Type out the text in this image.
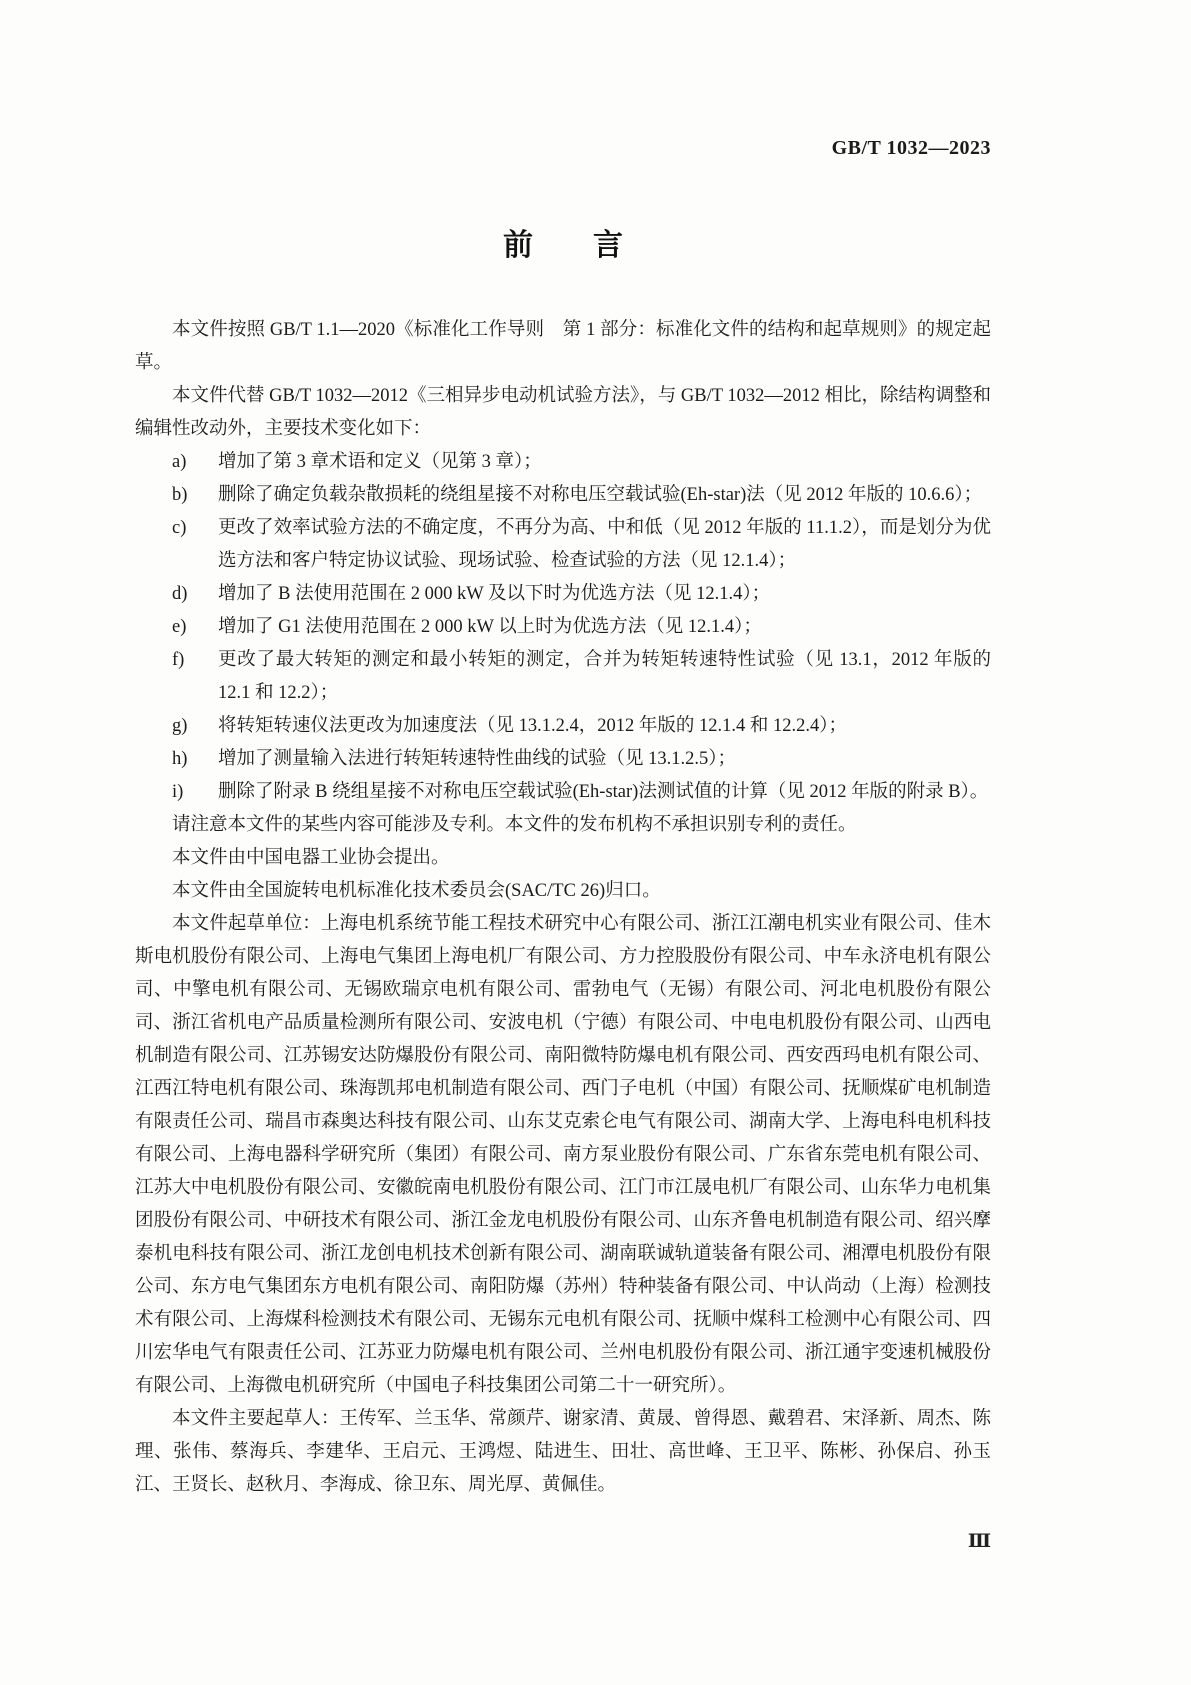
GB/T 1032—2023
前言

本文件按照 GB/T 1.1—2020《标准化工作导则　第 1 部分：标准化文件的结构和起草规则》的规定起草。

本文件代替 GB/T 1032—2012《三相异步电动机试验方法》，与 GB/T 1032—2012 相比，除结构调整和编辑性改动外，主要技术变化如下：

a)	增加了第 3 章术语和定义（见第 3 章）；
b)	删除了确定负载杂散损耗的绕组星接不对称电压空载试验(Eh-star)法（见 2012 年版的 10.6.6）；
c)	更改了效率试验方法的不确定度，不再分为高、中和低（见 2012 年版的 11.1.2），而是划分为优选方法和客户特定协议试验、现场试验、检查试验的方法（见 12.1.4）；
d)	增加了 B 法使用范围在 2 000 kW 及以下时为优选方法（见 12.1.4）；
e)	增加了 G1 法使用范围在 2 000 kW 以上时为优选方法（见 12.1.4）；
f)	更改了最大转矩的测定和最小转矩的测定，合并为转矩转速特性试验（见 13.1，2012 年版的 12.1 和 12.2）；
g)	将转矩转速仪法更改为加速度法（见 13.1.2.4，2012 年版的 12.1.4 和 12.2.4）；
h)	增加了测量输入法进行转矩转速特性曲线的试验（见 13.1.2.5）；
i)	删除了附录 B 绕组星接不对称电压空载试验(Eh-star)法测试值的计算（见 2012 年版的附录 B）。

请注意本文件的某些内容可能涉及专利。本文件的发布机构不承担识别专利的责任。

本文件由中国电器工业协会提出。

本文件由全国旋转电机标准化技术委员会(SAC/TC 26)归口。

本文件起草单位：上海电机系统节能工程技术研究中心有限公司、浙江江潮电机实业有限公司、佳木斯电机股份有限公司、上海电气集团上海电机厂有限公司、方力控股股份有限公司、中车永济电机有限公司、中擎电机有限公司、无锡欧瑞京电机有限公司、雷勃电气（无锡）有限公司、河北电机股份有限公司、浙江省机电产品质量检测所有限公司、安波电机（宁德）有限公司、中电电机股份有限公司、山西电机制造有限公司、江苏锡安达防爆股份有限公司、南阳微特防爆电机有限公司、西安西玛电机有限公司、江西江特电机有限公司、珠海凯邦电机制造有限公司、西门子电机（中国）有限公司、抚顺煤矿电机制造有限责任公司、瑞昌市森奥达科技有限公司、山东艾克索仑电气有限公司、湖南大学、上海电科电机科技有限公司、上海电器科学研究所（集团）有限公司、南方泵业股份有限公司、广东省东莞电机有限公司、江苏大中电机股份有限公司、安徽皖南电机股份有限公司、江门市江晟电机厂有限公司、山东华力电机集团股份有限公司、中研技术有限公司、浙江金龙电机股份有限公司、山东齐鲁电机制造有限公司、绍兴摩泰机电科技有限公司、浙江龙创电机技术创新有限公司、湖南联诚轨道装备有限公司、湘潭电机股份有限公司、东方电气集团东方电机有限公司、南阳防爆（苏州）特种装备有限公司、中认尚动（上海）检测技术有限公司、上海煤科检测技术有限公司、无锡东元电机有限公司、抚顺中煤科工检测中心有限公司、四川宏华电气有限责任公司、江苏亚力防爆电机有限公司、兰州电机股份有限公司、浙江通宇变速机械股份有限公司、上海微电机研究所（中国电子科技集团公司第二十一研究所）。

本文件主要起草人：王传军、兰玉华、常颜芹、谢家清、黄晟、曾得恩、戴碧君、宋泽新、周杰、陈理、张伟、蔡海兵、李建华、王启元、王鸿煜、陆进生、田壮、高世峰、王卫平、陈彬、孙保启、孙玉江、王贤长、赵秋月、李海成、徐卫东、周光厚、黄佩佳。

Ⅲ
